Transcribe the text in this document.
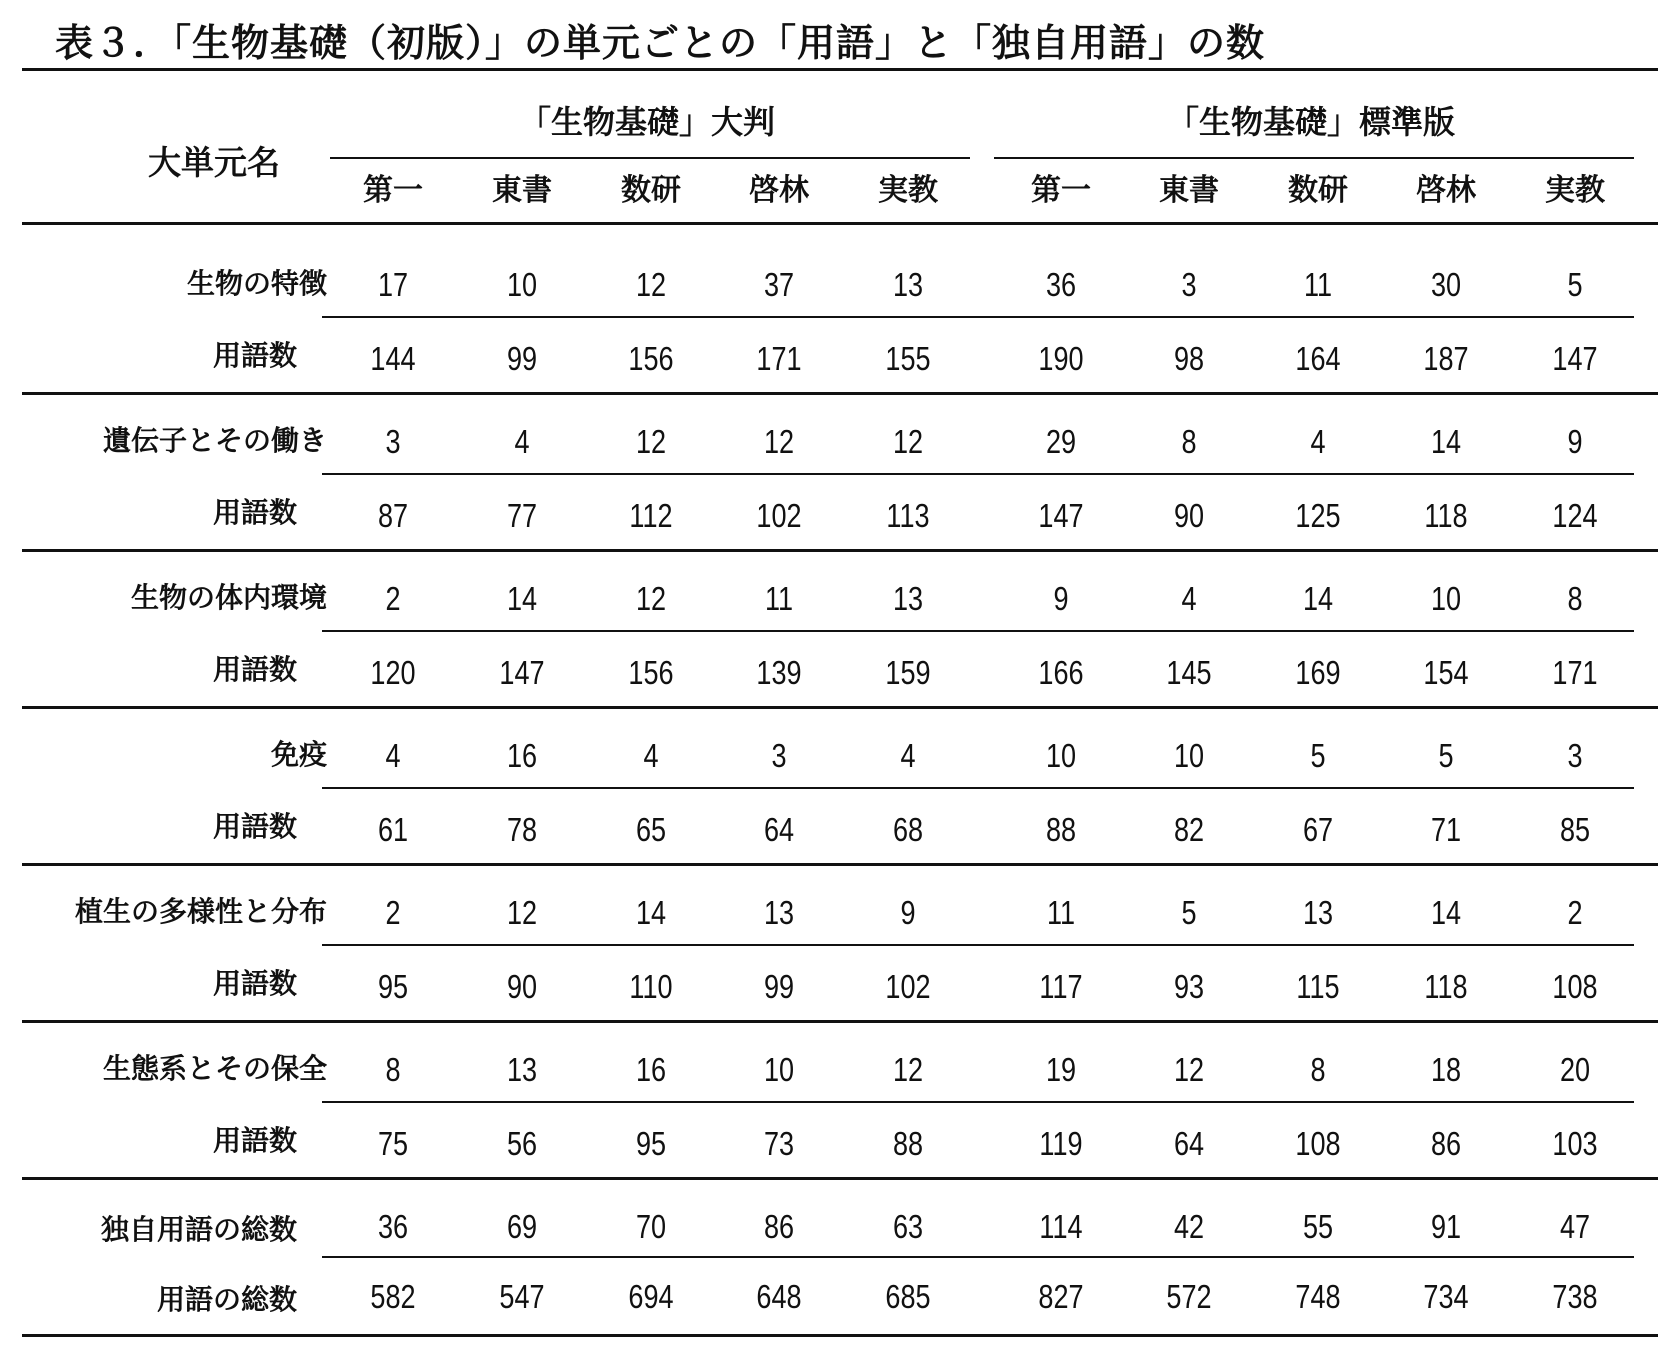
表３．「生物基礎（初版）」の単元ごとの「用語」と「独自用語」の数
大単元名
「生物基礎」大判	「生物基礎」標準版
第一	東書	数研	啓林	実教	第一	東書	数研	啓林	実教
生物の特徴	17	10	12	37	13	36	3	11	30	5
用語数	144	99	156	171	155	190	98	164	187	147
遺伝子とその働き	3	4	12	12	12	29	8	4	14	9
用語数	87	77	112	102	113	147	90	125	118	124
生物の体内環境	2	14	12	11	13	9	4	14	10	8
用語数	120	147	156	139	159	166	145	169	154	171
免疫	4	16	4	3	4	10	10	5	5	3
用語数	61	78	65	64	68	88	82	67	71	85
植生の多様性と分布	2	12	14	13	9	11	5	13	14	2
用語数	95	90	110	99	102	117	93	115	118	108
生態系とその保全	8	13	16	10	12	19	12	8	18	20
用語数	75	56	95	73	88	119	64	108	86	103
独自用語の総数	36	69	70	86	63	114	42	55	91	47
用語の総数	582	547	694	648	685	827	572	748	734	738
